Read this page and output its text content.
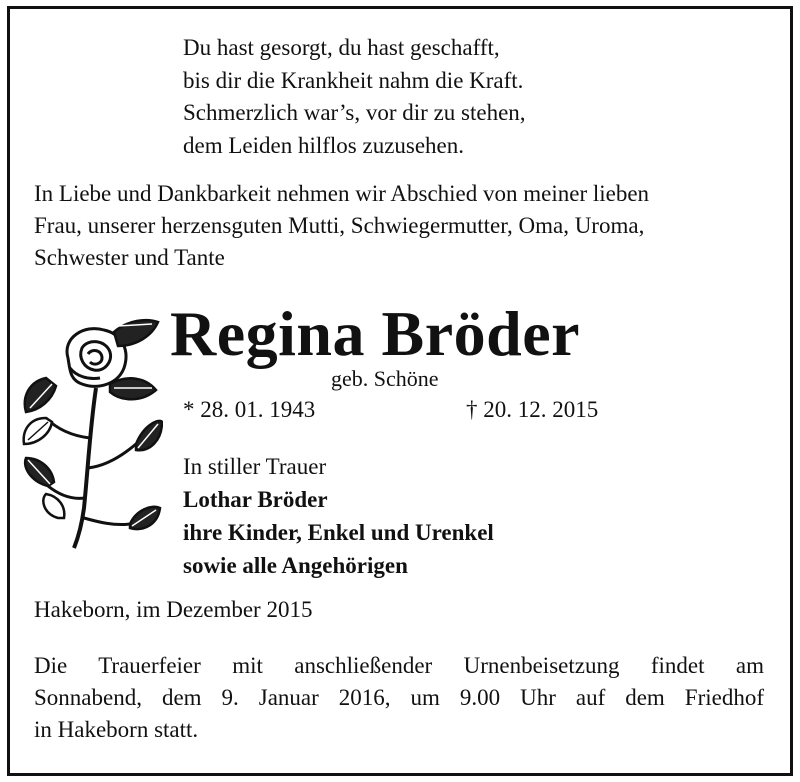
Du hast gesorgt, du hast geschafft,
bis dir die Krankheit nahm die Kraft.
Schmerzlich war’s, vor dir zu stehen,
dem Leiden hilflos zuzusehen.
In Liebe und Dankbarkeit nehmen wir Abschied von meiner lieben
Frau, unserer herzensguten Mutti, Schwiegermutter, Oma, Uroma,
Schwester und Tante
Regina Bröder
geb. Schöne
* 28. 01. 1943	† 20. 12. 2015
In stiller Trauer
Lothar Bröder
ihre Kinder, Enkel und Urenkel
sowie alle Angehörigen
Hakeborn, im Dezember 2015
Die Trauerfeier mit anschließender Urnenbeisetzung findet am
Sonnabend, dem 9. Januar 2016, um 9.00 Uhr auf dem Friedhof
in Hakeborn statt.
